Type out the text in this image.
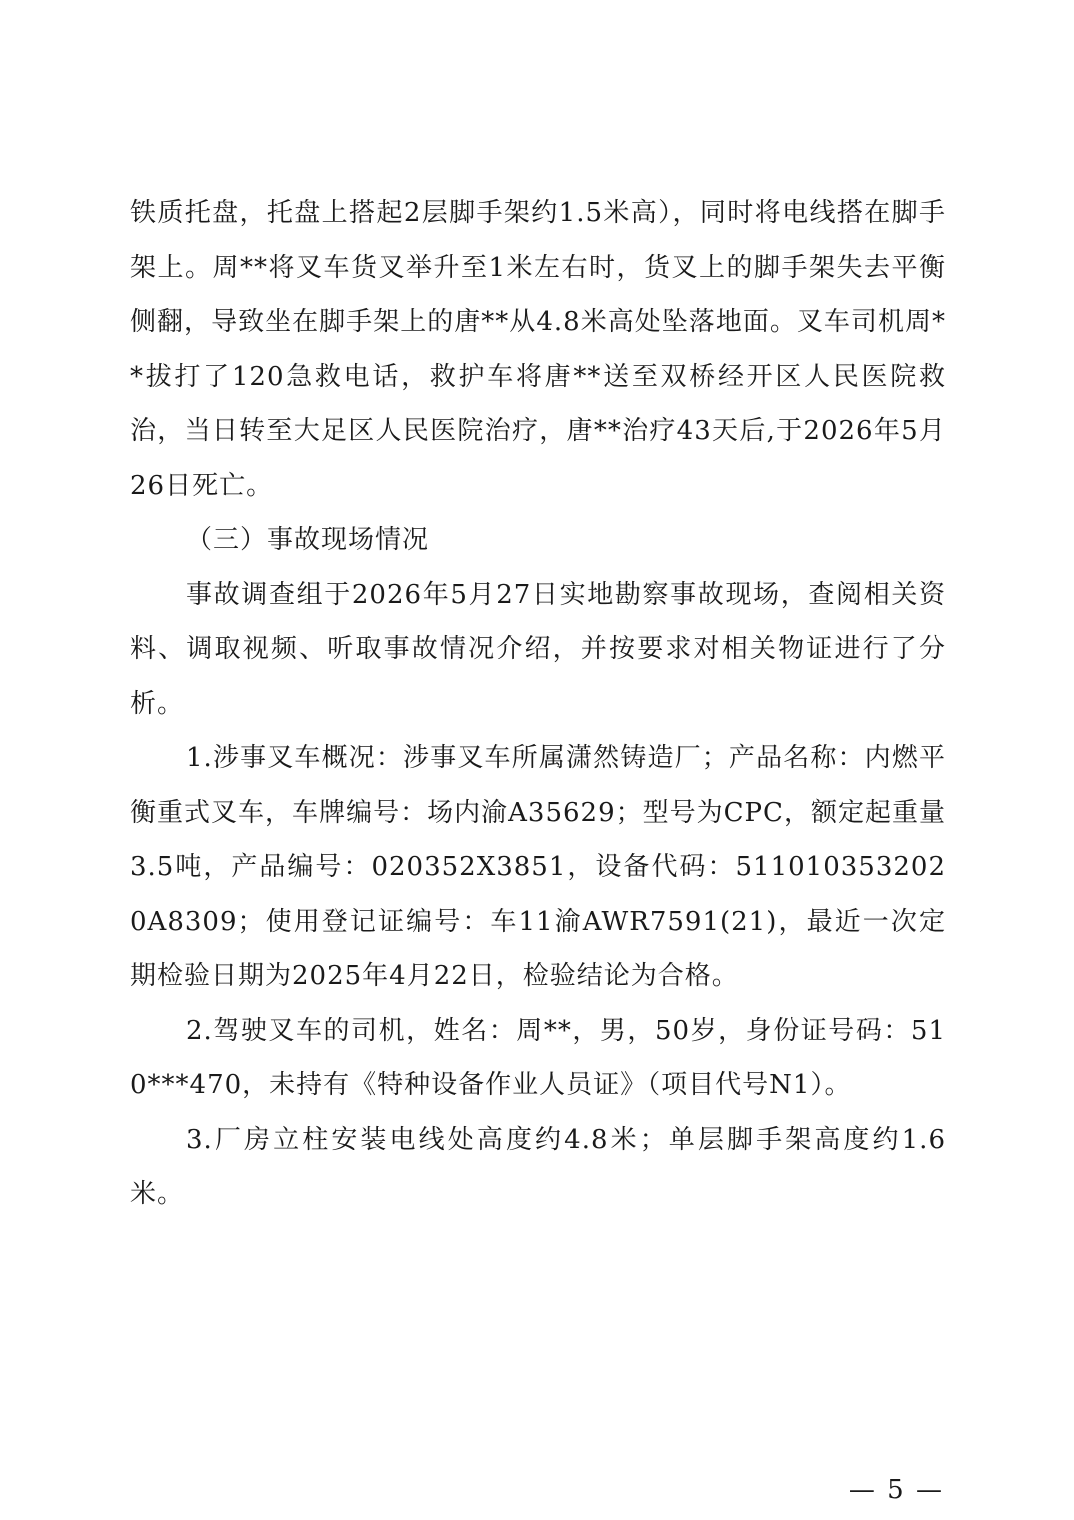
铁质托盘，托盘上搭起2层脚手架约1.5米高），同时将电线搭在脚手架上。周**将叉车货叉举升至1米左右时，货叉上的脚手架失去平衡侧翻，导致坐在脚手架上的唐**从4.8米高处坠落地面。叉车司机周**拔打了120急救电话，救护车将唐**送至双桥经开区人民医院救治，当日转至大足区人民医院治疗，唐**治疗43天后,于2026年5月26日死亡。

（三）事故现场情况

事故调查组于2026年5月27日实地勘察事故现场，查阅相关资料、调取视频、听取事故情况介绍，并按要求对相关物证进行了分析。

1.涉事叉车概况：涉事叉车所属潇然铸造厂；产品名称：内燃平衡重式叉车，车牌编号：场内渝A35629；型号为CPC，额定起重量3.5吨，产品编号：020352X3851，设备代码：5110103532020A8309；使用登记证编号：车11渝AWR7591(21)，最近一次定期检验日期为2025年4月22日，检验结论为合格。

2.驾驶叉车的司机，姓名：周**，男，50岁，身份证号码：510***470，未持有《特种设备作业人员证》（项目代号N1）。

3.厂房立柱安装电线处高度约4.8米；单层脚手架高度约1.6米。

— 5 —
